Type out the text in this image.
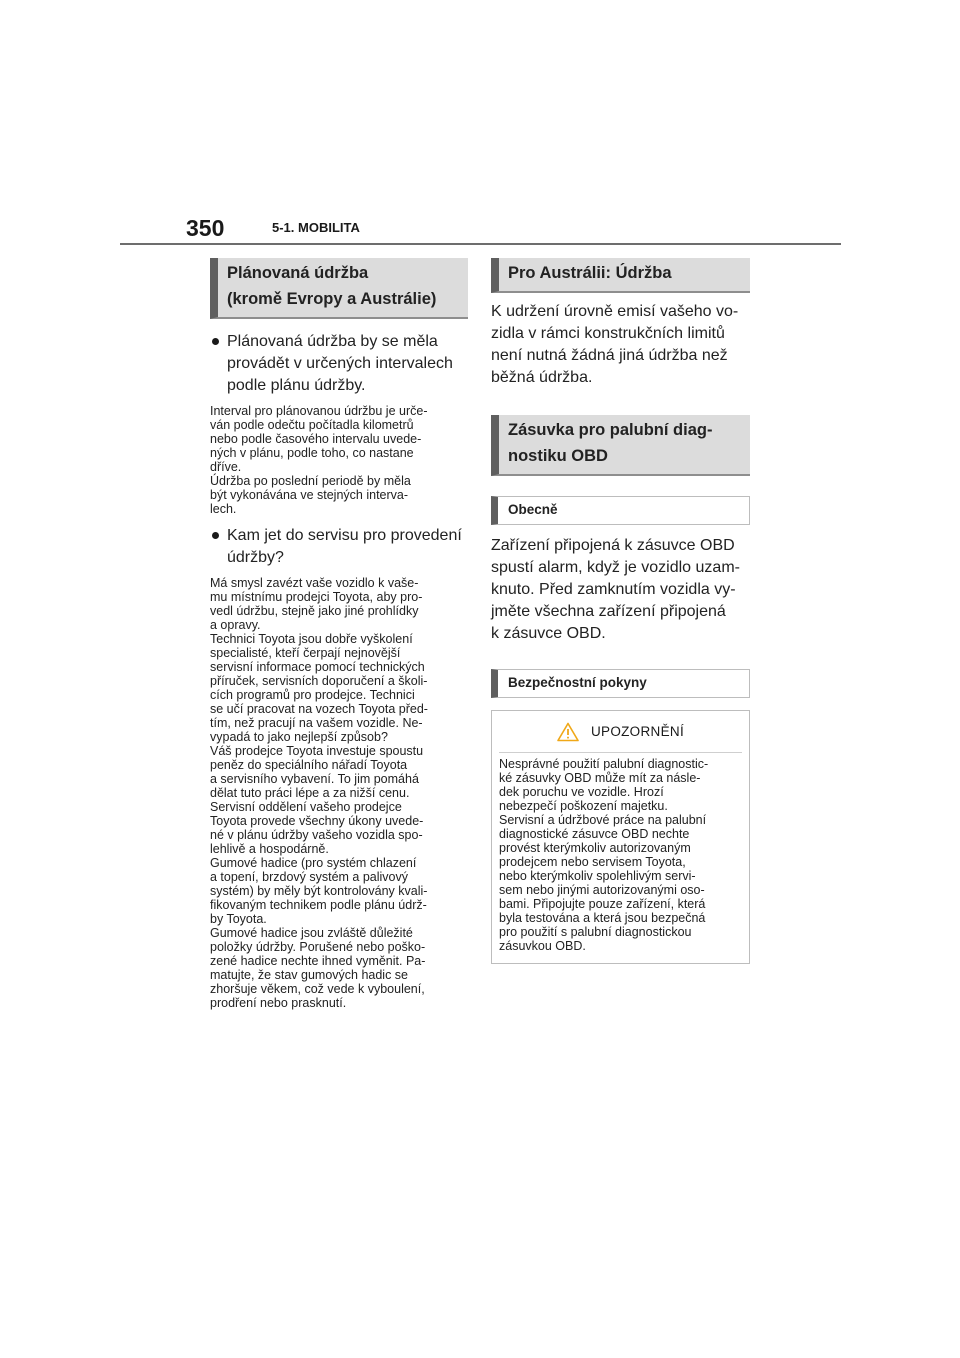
350	5-1. MOBILITA
Plánovaná údržba
(kromě Evropy a Austrálie)
Plánovaná údržba by se měla provádět v určených intervalech podle plánu údržby.
Interval pro plánovanou údržbu je urče-
ván podle odečtu počítadla kilometrů
nebo podle časového intervalu uvede-
ných v plánu, podle toho, co nastane
dříve.
Údržba po poslední periodě by měla
být vykonávána ve stejných interva-
lech.
Kam jet do servisu pro provedení údržby?
Má smysl zavézt vaše vozidlo k vaše-
mu místnímu prodejci Toyota, aby pro-
vedl údržbu, stejně jako jiné prohlídky
a opravy.
Technici Toyota jsou dobře vyškolení
specialisté, kteří čerpají nejnovější
servisní informace pomocí technických
příruček, servisních doporučení a školi-
cích programů pro prodejce. Technici
se učí pracovat na vozech Toyota před-
tím, než pracují na vašem vozidle. Ne-
vypadá to jako nejlepší způsob?
Váš prodejce Toyota investuje spoustu
peněz do speciálního nářadí Toyota
a servisního vybavení. To jim pomáhá
dělat tuto práci lépe a za nižší cenu.
Servisní oddělení vašeho prodejce
Toyota provede všechny úkony uvede-
né v plánu údržby vašeho vozidla spo-
lehlivě a hospodárně.
Gumové hadice (pro systém chlazení
a topení, brzdový systém a palivový
systém) by měly být kontrolovány kvali-
fikovaným technikem podle plánu údrž-
by Toyota.
Gumové hadice jsou zvláště důležité
položky údržby. Porušené nebo poško-
zené hadice nechte ihned vyměnit. Pa-
matujte, že stav gumových hadic se
zhoršuje věkem, což vede k vyboulení,
prodření nebo prasknutí.
Pro Austrálii: Údržba
K udržení úrovně emisí vašeho vo-
zidla v rámci konstrukčních limitů
není nutná žádná jiná údržba než
běžná údržba.
Zásuvka pro palubní diag-
nostiku OBD
Obecně
Zařízení připojená k zásuvce OBD
spustí alarm, když je vozidlo uzam-
knuto. Před zamknutím vozidla vy-
jměte všechna zařízení připojená
k zásuvce OBD.
Bezpečnostní pokyny
UPOZORNĚNÍ
Nesprávné použití palubní diagnostic-
ké zásuvky OBD může mít za násle-
dek poruchu ve vozidle. Hrozí
nebezpečí poškození majetku.
Servisní a údržbové práce na palubní
diagnostické zásuvce OBD nechte
provést kterýmkoliv autorizovaným
prodejcem nebo servisem Toyota,
nebo kterýmkoliv spolehlivým servi-
sem nebo jinými autorizovanými oso-
bami. Připojujte pouze zařízení, která
byla testována a která jsou bezpečná
pro použití s palubní diagnostickou
zásuvkou OBD.
